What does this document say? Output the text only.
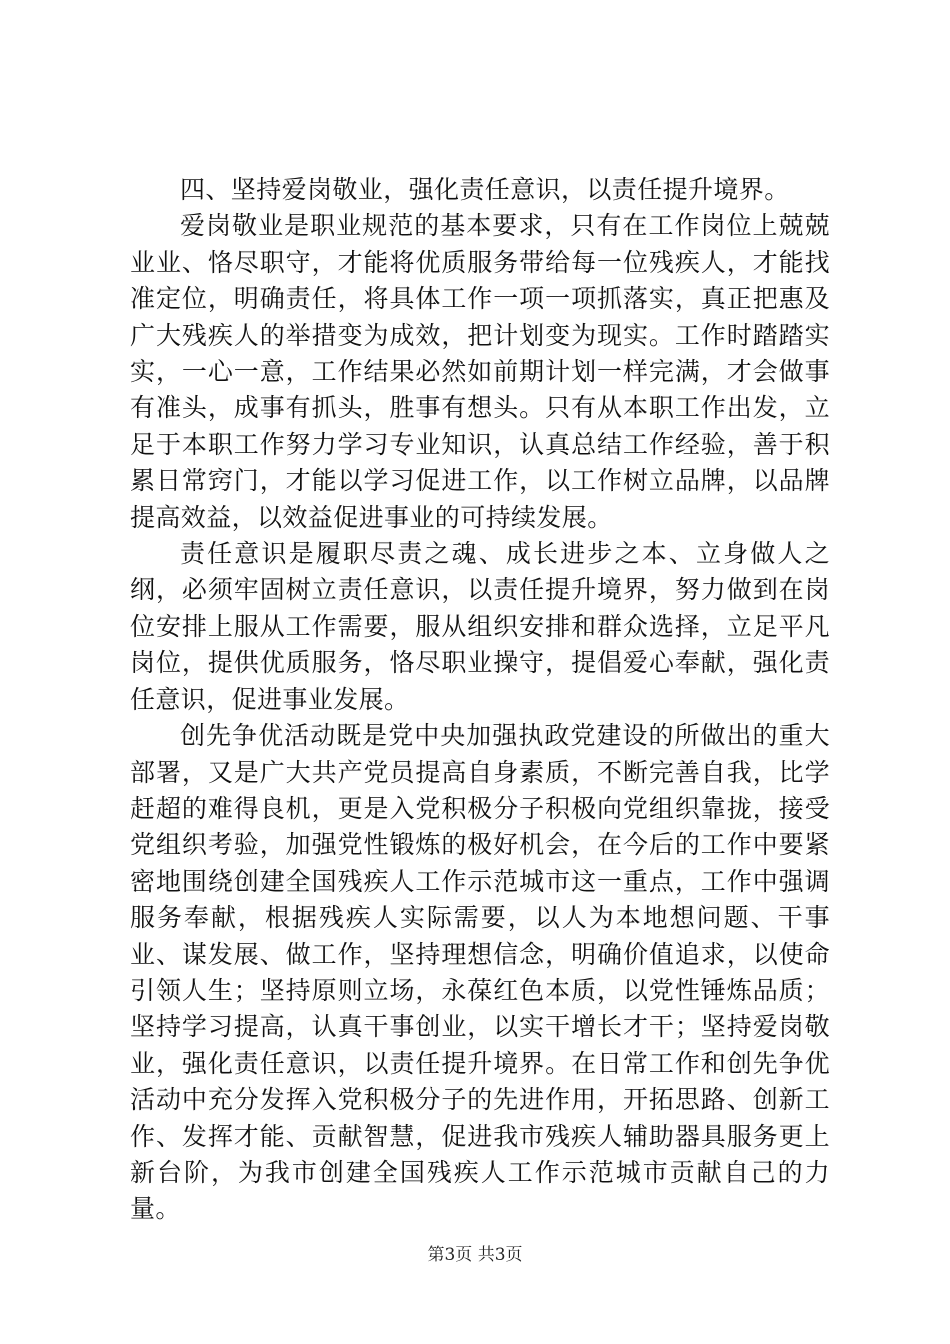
四、坚持爱岗敬业，强化责任意识，以责任提升境界。

爱岗敬业是职业规范的基本要求，只有在工作岗位上兢兢业业、恪尽职守，才能将优质服务带给每一位残疾人，才能找准定位，明确责任，将具体工作一项一项抓落实，真正把惠及广大残疾人的举措变为成效，把计划变为现实。工作时踏踏实实，一心一意，工作结果必然如前期计划一样完满，才会做事有准头，成事有抓头，胜事有想头。只有从本职工作出发，立足于本职工作努力学习专业知识，认真总结工作经验，善于积累日常窍门，才能以学习促进工作，以工作树立品牌，以品牌提高效益，以效益促进事业的可持续发展。

责任意识是履职尽责之魂、成长进步之本、立身做人之纲，必须牢固树立责任意识，以责任提升境界，努力做到在岗位安排上服从工作需要，服从组织安排和群众选择，立足平凡岗位，提供优质服务，恪尽职业操守，提倡爱心奉献，强化责任意识，促进事业发展。

创先争优活动既是党中央加强执政党建设的所做出的重大部署，又是广大共产党员提高自身素质，不断完善自我，比学赶超的难得良机，更是入党积极分子积极向党组织靠拢，接受党组织考验，加强党性锻炼的极好机会，在今后的工作中要紧密地围绕创建全国残疾人工作示范城市这一重点，工作中强调服务奉献，根据残疾人实际需要，以人为本地想问题、干事业、谋发展、做工作，坚持理想信念，明确价值追求，以使命引领人生；坚持原则立场，永葆红色本质，以党性锤炼品质；坚持学习提高，认真干事创业，以实干增长才干；坚持爱岗敬业，强化责任意识，以责任提升境界。在日常工作和创先争优活动中充分发挥入党积极分子的先进作用，开拓思路、创新工作、发挥才能、贡献智慧，促进我市残疾人辅助器具服务更上新台阶，为我市创建全国残疾人工作示范城市贡献自己的力量。

第3页 共3页
